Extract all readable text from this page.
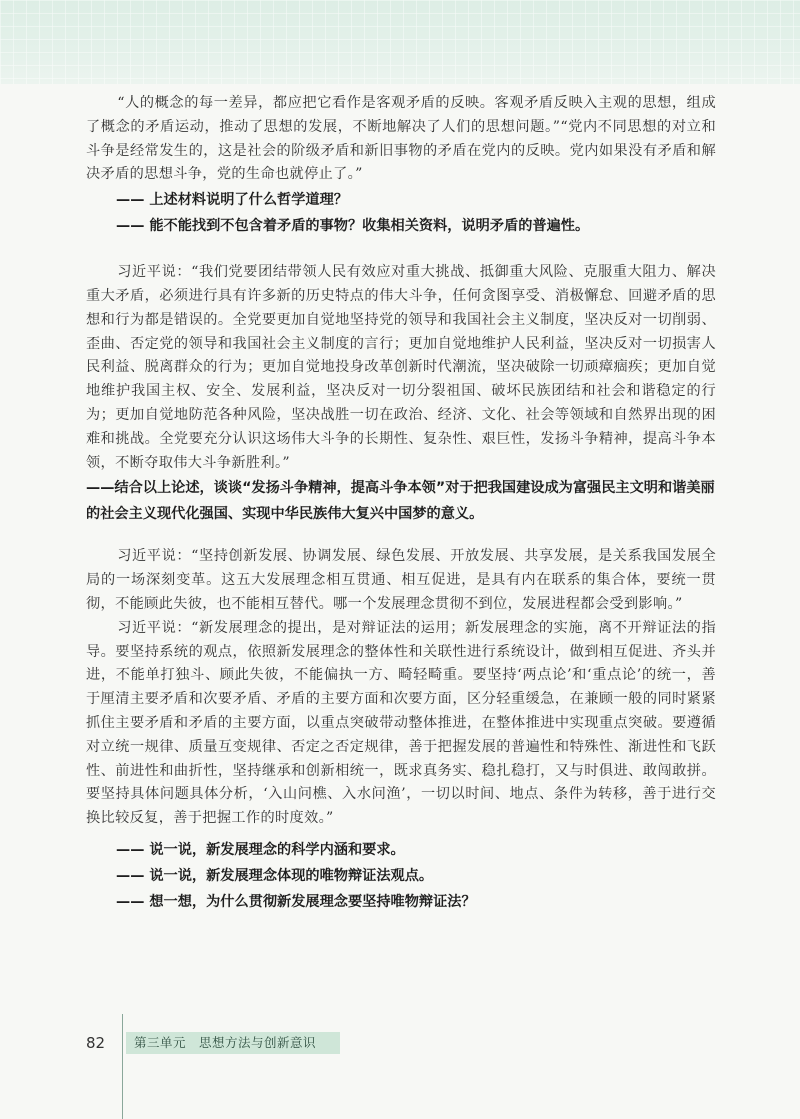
“人的概念的每一差异，都应把它看作是客观矛盾的反映。客观矛盾反映入主观的思想，组成了概念的矛盾运动，推动了思想的发展，不断地解决了人们的思想问题。”“党内不同思想的对立和斗争是经常发生的，这是社会的阶级矛盾和新旧事物的矛盾在党内的反映。党内如果没有矛盾和解决矛盾的思想斗争，党的生命也就停止了。”

—— 上述材料说明了什么哲学道理？

—— 能不能找到不包含着矛盾的事物？收集相关资料，说明矛盾的普遍性。

习近平说：“我们党要团结带领人民有效应对重大挑战、抵御重大风险、克服重大阻力、解决重大矛盾，必须进行具有许多新的历史特点的伟大斗争，任何贪图享受、消极懈怠、回避矛盾的思想和行为都是错误的。全党要更加自觉地坚持党的领导和我国社会主义制度，坚决反对一切削弱、歪曲、否定党的领导和我国社会主义制度的言行；更加自觉地维护人民利益，坚决反对一切损害人民利益、脱离群众的行为；更加自觉地投身改革创新时代潮流，坚决破除一切顽瘴痼疾；更加自觉地维护我国主权、安全、发展利益，坚决反对一切分裂祖国、破坏民族团结和社会和谐稳定的行为；更加自觉地防范各种风险，坚决战胜一切在政治、经济、文化、社会等领域和自然界出现的困难和挑战。全党要充分认识这场伟大斗争的长期性、复杂性、艰巨性，发扬斗争精神，提高斗争本领，不断夺取伟大斗争新胜利。”

——结合以上论述，谈谈“发扬斗争精神，提高斗争本领”对于把我国建设成为富强民主文明和谐美丽的社会主义现代化强国、实现中华民族伟大复兴中国梦的意义。

习近平说：“坚持创新发展、协调发展、绿色发展、开放发展、共享发展，是关系我国发展全局的一场深刻变革。这五大发展理念相互贯通、相互促进，是具有内在联系的集合体，要统一贯彻，不能顾此失彼，也不能相互替代。哪一个发展理念贯彻不到位，发展进程都会受到影响。”

习近平说：“新发展理念的提出，是对辩证法的运用；新发展理念的实施，离不开辩证法的指导。要坚持系统的观点，依照新发展理念的整体性和关联性进行系统设计，做到相互促进、齐头并进，不能单打独斗、顾此失彼，不能偏执一方、畸轻畸重。要坚持‘两点论’和‘重点论’的统一，善于厘清主要矛盾和次要矛盾、矛盾的主要方面和次要方面，区分轻重缓急，在兼顾一般的同时紧紧抓住主要矛盾和矛盾的主要方面，以重点突破带动整体推进，在整体推进中实现重点突破。要遵循对立统一规律、质量互变规律、否定之否定规律，善于把握发展的普遍性和特殊性、渐进性和飞跃性、前进性和曲折性，坚持继承和创新相统一，既求真务实、稳扎稳打，又与时俱进、敢闯敢拼。要坚持具体问题具体分析，‘入山问樵、入水问渔’，一切以时间、地点、条件为转移，善于进行交换比较反复，善于把握工作的时度效。”

—— 说一说，新发展理念的科学内涵和要求。

—— 说一说，新发展理念体现的唯物辩证法观点。

—— 想一想，为什么贯彻新发展理念要坚持唯物辩证法？

82	第三单元　思想方法与创新意识
